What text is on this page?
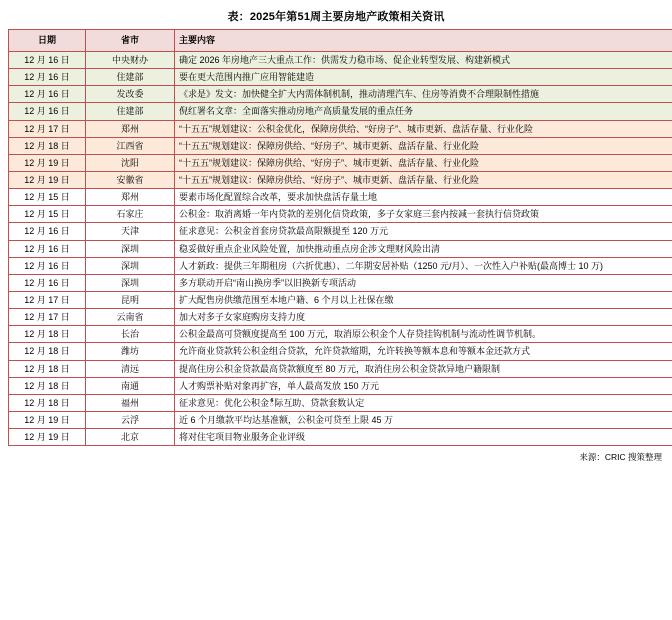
表：2025年第51周主要房地产政策相关资讯
日期	省市	主要内容
12 月 16 日	中央财办	确定 2026 年房地产三大重点工作：供需发力稳市场、促企业转型发展、构建新模式
12 月 16 日	住建部	要在更大范围内推广应用智能建造
12 月 16 日	发改委	《求是》发文：加快健全扩大内需体制机制，推动清理汽车、住房等消费不合理限制性措施
12 月 16 日	住建部	倪红署名文章：全面落实推动房地产高质量发展的重点任务
12 月 17 日	郑州	“十五五”规划建议：公积金优化，保障房供给、“好房子”、城市更新、盘活存量、行业化险
12 月 18 日	江西省	“十五五”规划建议：保障房供给、“好房子”、城市更新、盘活存量、行业化险
12 月 19 日	沈阳	“十五五”规划建议：保障房供给、“好房子”、城市更新、盘活存量、行业化险
12 月 19 日	安徽省	“十五五”规划建议：保障房供给、“好房子”、城市更新、盘活存量、行业化险
12 月 15 日	郑州	要素市场化配置综合改革，要求加快盘活存量土地
12 月 15 日	石家庄	公积金：取消离婚一年内贷款的差别化信贷政策，多子女家庭三套内按减一套执行信贷政策
12 月 16 日	天津	征求意见：公积金首套房贷款最高限额提至 120 万元
12 月 16 日	深圳	稳妥做好重点企业风险处置，加快推动重点房企涉文理财风险出清
12 月 16 日	深圳	人才新政：提供三年期租房（六折优惠）、二年期安居补贴（1250 元/月）、一次性入户补贴(最高博士 10 万)
12 月 16 日	深圳	多方联动开启“南山换房季”以旧换新专项活动
12 月 17 日	昆明	扩大配售房供缴范围至本地户籍、6 个月以上社保在缴
12 月 17 日	云南省	加大对多子女家庭购房支持力度
12 月 18 日	长治	公积金最高可贷额度提高至 100 万元，取消原公积金个人存贷挂钩机制与流动性调节机制。
12 月 18 日	潍坊	允许商业贷款转公积金组合贷款，允许贷款缩期，允许转换等额本息和等额本金还款方式
12 月 18 日	清远	提高住房公积金贷款最高贷款额度至 80 万元，取消住房公积金贷款异地户籍限制
12 月 18 日	南通	人才购票补贴对象再扩容，单人最高发放 150 万元
12 月 18 日	福州	征求意见：优化公积金ీ际互助、贷款套数认定
12 月 19 日	云浮	近 6 个月缴款平均达基准额，公积金可贷至上限 45 万
12 月 19 日	北京	将对住宅项目物业服务企业评级
来源：CRIC 搜策整理
